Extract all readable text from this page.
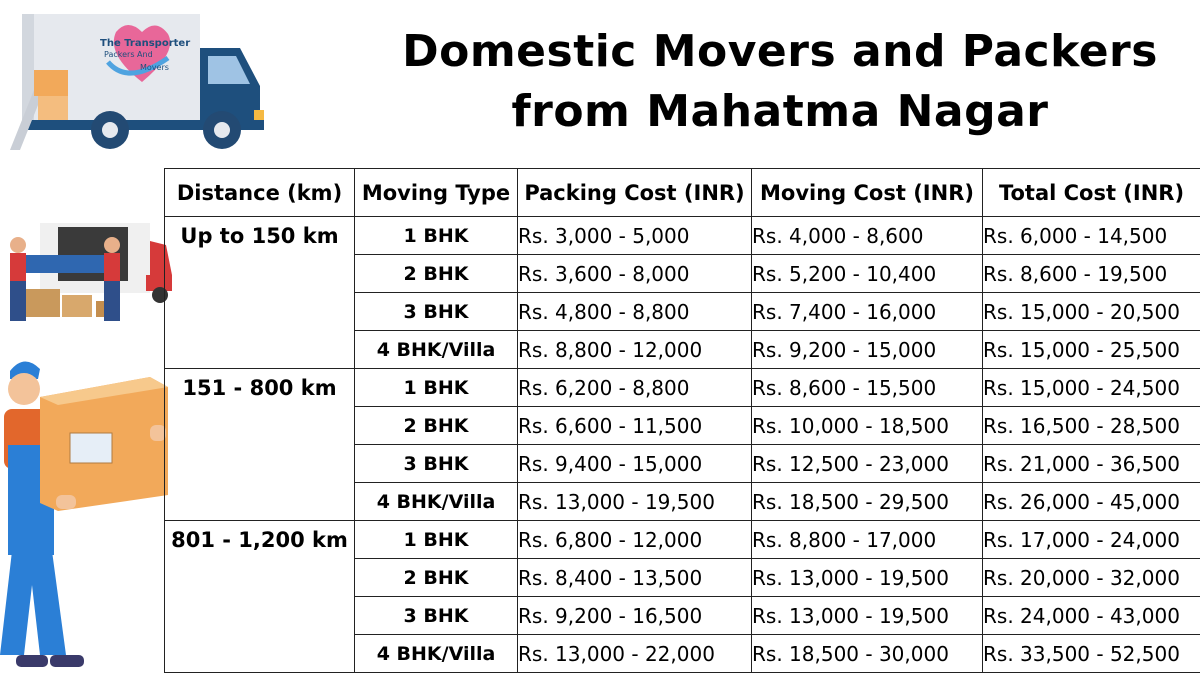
Domestic Movers and Packers
from Mahatma Nagar
The Transporter
Packers And
Movers
Distance (km)	Moving Type	Packing Cost (INR)	Moving Cost (INR)	Total Cost (INR)
Up to 150 km	1 BHK	Rs. 3,000 - 5,000	Rs. 4,000 - 8,600	Rs. 6,000 - 14,500
	2 BHK	Rs. 3,600 - 8,000	Rs. 5,200 - 10,400	Rs. 8,600 - 19,500
	3 BHK	Rs. 4,800 - 8,800	Rs. 7,400 - 16,000	Rs. 15,000 - 20,500
	4 BHK/Villa	Rs. 8,800 - 12,000	Rs. 9,200 - 15,000	Rs. 15,000 - 25,500
151 - 800 km	1 BHK	Rs. 6,200 - 8,800	Rs. 8,600 - 15,500	Rs. 15,000 - 24,500
	2 BHK	Rs. 6,600 - 11,500	Rs. 10,000 - 18,500	Rs. 16,500 - 28,500
	3 BHK	Rs. 9,400 - 15,000	Rs. 12,500 - 23,000	Rs. 21,000 - 36,500
	4 BHK/Villa	Rs. 13,000 - 19,500	Rs. 18,500 - 29,500	Rs. 26,000 - 45,000
801 - 1,200 km	1 BHK	Rs. 6,800 - 12,000	Rs. 8,800 - 17,000	Rs. 17,000 - 24,000
	2 BHK	Rs. 8,400 - 13,500	Rs. 13,000 - 19,500	Rs. 20,000 - 32,000
	3 BHK	Rs. 9,200 - 16,500	Rs. 13,000 - 19,500	Rs. 24,000 - 43,000
	4 BHK/Villa	Rs. 13,000 - 22,000	Rs. 18,500 - 30,000	Rs. 33,500 - 52,500
